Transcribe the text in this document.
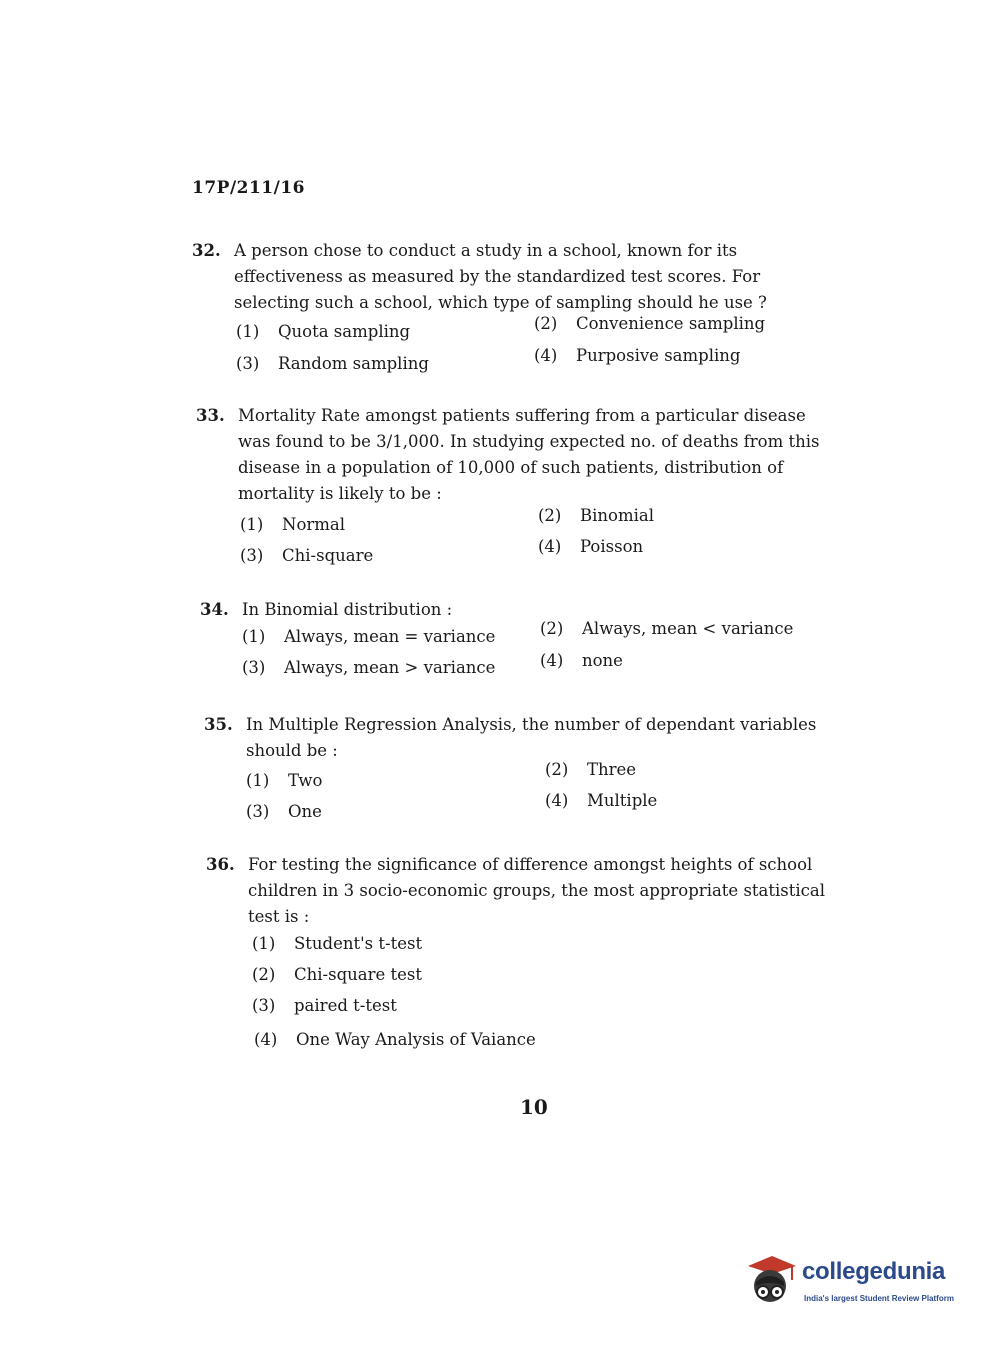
17P/211/16
32. A person chose to conduct a study in a school, known for its effectiveness as measured by the standardized test scores. For selecting such a school, which type of sampling should he use ?
(1) Quota sampling	(2) Convenience sampling
(3) Random sampling	(4) Purposive sampling
33. Mortality Rate amongst patients suffering from a particular disease was found to be 3/1,000. In studying expected no. of deaths from this disease in a population of 10,000 of such patients, distribution of mortality is likely to be :
(1) Normal	(2) Binomial
(3) Chi-square	(4) Poisson
34. In Binomial distribution :
(1) Always, mean = variance	(2) Always, mean < variance
(3) Always, mean > variance	(4) none
35. In Multiple Regression Analysis, the number of dependant variables should be :
(1) Two
(2) Three
(3) One
(4) Multiple
36. For testing the significance of difference amongst heights of school children in 3 socio-economic groups, the most appropriate statistical test is :
(1) Student's t-test
(2) Chi-square test
(3) paired t-test
(4) One Way Analysis of Vaiance
10
collegedunia
India's largest Student Review Platform
